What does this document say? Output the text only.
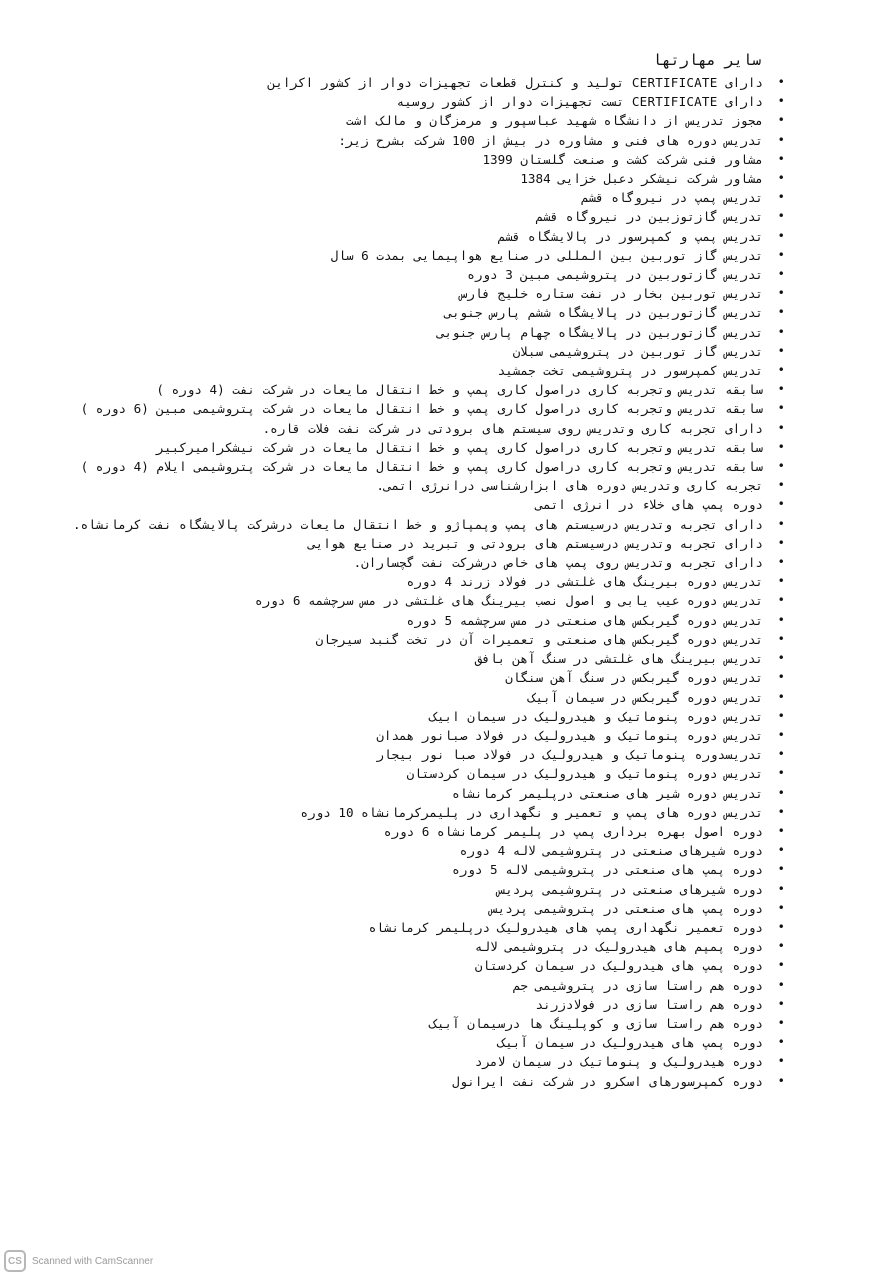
سایر مهارتها
•
دارای CERTIFICATE تولید و کنترل قطعات تجهیزات دوار از کشور اکراین
•
دارای CERTIFICATE تست تجهیزات دوار از کشور روسیه
•
مجوز تدریس از دانشگاه شهید عباسپور و مرمزگان و مالک اشت
•
تدریس دوره های فنی و مشاوره در بیش از 100 شرکت بشرح زیر:
•
مشاور فنی شرکت کشت و صنعت گلستان 1399
•
مشاور شرکت نیشکر دعبل خزایی 1384
•
تدریس پمپ در نیروگاه قشم
•
تدریس گازتوزبین در نیروگاه قشم
•
تدریس پمپ و کمپرسور در پالایشگاه قشم
•
تدریس گاز توربین بین المللی در صنایع هواپیمایی بمدت 6 سال
•
تدریس گازتوربین در پتروشیمی مبین 3 دوره
•
تدریس توربین بخار در نفت ستاره خلیج فارس
•
تدریس گازتوربین در پالایشگاه ششم پارس جنوبی
•
تدریس گازتوربین در پالایشگاه چهام پارس جنوبی
•
تدریس گاز توربین در پتروشیمی سبلان
•
تدریس کمپرسور در پتروشیمی تخت جمشید
•
سابقه تدریس وتجربه کاری دراصول کاری پمپ و خط انتقال مایعات در شرکت نفت (4 دوره )
•
سابقه تدریس وتجربه کاری دراصول کاری پمپ و خط انتقال مایعات در شرکت پتروشیمی مبین (6 دوره )
•
دارای تجربه کاری وتدریس روی سیستم های برودتی در شرکت نفت فلات قاره.
•
سابقه تدریس وتجربه کاری دراصول کاری پمپ و خط انتقال مایعات در شرکت نیشکرامیرکبیر
•
سابقه تدریس وتجربه کاری دراصول کاری پمپ و خط انتقال مایعات در شرکت پتروشیمی ایلام (4 دوره )
•
تجربه کاری وتدریس دوره های ابزارشناسی درانرژی اتمی.
•
دوره پمپ های خلاء در انرژی اتمی
•
دارای تجربه وتدریس درسیستم های پمپ وپمپاژو و خط انتقال مایعات درشرکت پالایشگاه نفت کرمانشاه.
•
دارای تجربه وتدریس درسیستم های برودتی و تبرید در صنایع هوایی
•
دارای تجربه وتدریس روی پمپ های خاص درشرکت نفت گچساران.
•
تدریس دوره بیرینگ های غلتشی در فولاد زرند 4 دوره
•
تدریس دوره عیب یابی و اصول نصب بیرینگ های غلتشی در مس سرچشمه 6 دوره
•
تدریس دوره گیربکس های صنعتی در مس سرچشمه 5 دوره
•
تدریس دوره گیربکس های صنعتی و تعمیرات آن در تخت گنبد سیرجان
•
تدریس بیرینگ های غلتشی در سنگ آهن بافق
•
تدریس دوره گیربکس در سنگ آهن سنگان
•
تدریس دوره گیربکس در سیمان آبیک
•
تدریس دوره پنوماتیک و هیدرولیک در سیمان ابیک
•
تدریس دوره پنوماتیک و هیدرولیک در فولاد صبانور همدان
•
تدریسدوره پنوماتیک و هیدرولیک در فولاد صبا نور بیجار
•
تدریس دوره پنوماتیک و هیدرولیک در سیمان کردستان
•
تدریس دوره شیر های صنعتی درپلیمر کرمانشاه
•
تدریس دوره های پمپ و تعمیر و نگهداری در پلیمرکرمانشاه 10 دوره
•
دوره اصول بهره برداری پمپ در پلیمر کرمانشاه 6 دوره
•
دوره شیرهای صنعتی در پتروشیمی لاله 4 دوره
•
دوره پمپ های صنعتی در پتروشیمی لاله 5 دوره
•
دوره شیرهای صنعتی در پتروشیمی پردیس
•
دوره پمپ های صنعتی در پتروشیمی پردیس
•
دوره تعمیر نگهداری پمپ های هیدرولیک درپلیمر کرمانشاه
•
دوره پمپم های هیدرولیک در پتروشیمی لاله
•
دوره پمپ های هیدرولیک در سیمان کردستان
•
دوره هم راستا سازی در پتروشیمی جم
•
دوره هم راستا سازی در فولادزرند
•
دوره هم راستا سازی و کوپلینگ ها درسیمان آبیک
•
دوره پمپ های هیدرولیک در سیمان آبیک
•
دوره هیدرولیک و پنوماتیک در سیمان لامرد
•
دوره کمپرسورهای اسکرو در شرکت نفت ایرانول
CS	Scanned with CamScanner
